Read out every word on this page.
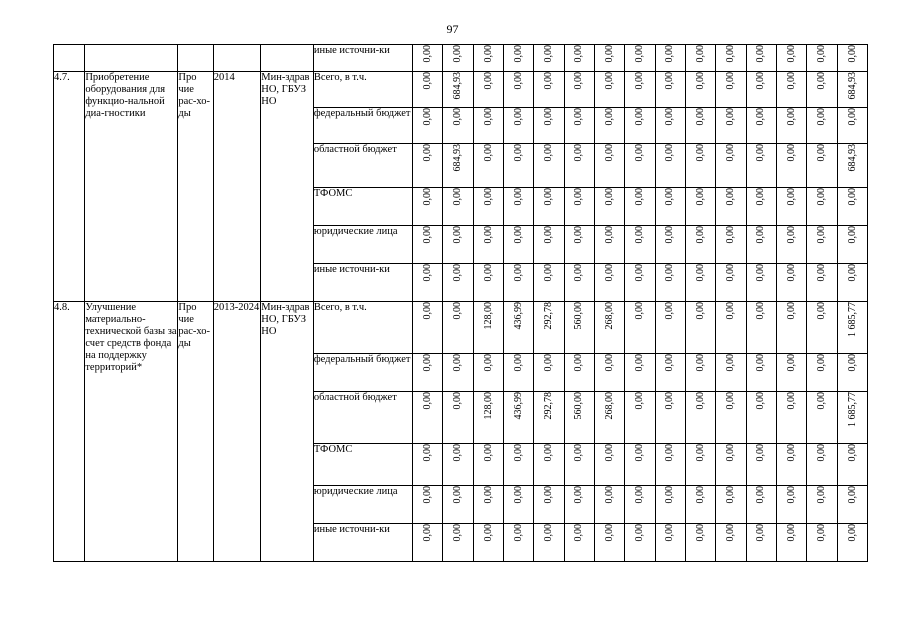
97
					иные источни-ки	0,00	0,00	0,00	0,00	0,00	0,00	0,00	0,00	0,00	0,00	0,00	0,00	0,00	0,00	0,00
4.7.	Приобретение оборудования для функцио-нальной диа-гностики	Про чие рас-хо-ды	2014	Мин-здрав НО, ГБУЗ НО	Всего, в т.ч.	0,00	684,93	0,00	0,00	0,00	0,00	0,00	0,00	0,00	0,00	0,00	0,00	0,00	0,00	684,93
					федеральный бюджет	0,00	0,00	0,00	0,00	0,00	0,00	0,00	0,00	0,00	0,00	0,00	0,00	0,00	0,00	0,00
					областной бюджет	0,00	684,93	0,00	0,00	0,00	0,00	0,00	0,00	0,00	0,00	0,00	0,00	0,00	0,00	684,93
					ТФОМС	0,00	0,00	0,00	0,00	0,00	0,00	0,00	0,00	0,00	0,00	0,00	0,00	0,00	0,00	0,00
					юридические лица	0,00	0,00	0,00	0,00	0,00	0,00	0,00	0,00	0,00	0,00	0,00	0,00	0,00	0,00	0,00
					иные источни-ки	0,00	0,00	0,00	0,00	0,00	0,00	0,00	0,00	0,00	0,00	0,00	0,00	0,00	0,00	0,00
4.8.	Улучшение материально-технической базы за счет средств фонда на поддержку территорий*	Про чие рас-хо-ды	2013-2024	Мин-здрав НО, ГБУЗ НО	Всего, в т.ч.	0,00	0,00	128,00	436,99	292,78	560,00	268,00	0,00	0,00	0,00	0,00	0,00	0,00	0,00	1 685,77
					федеральный бюджет	0,00	0,00	0,00	0,00	0,00	0,00	0,00	0,00	0,00	0,00	0,00	0,00	0,00	0,00	0,00
					областной бюджет	0,00	0,00	128,00	436,99	292,78	560,00	268,00	0,00	0,00	0,00	0,00	0,00	0,00	0,00	1 685,77
					ТФОМС	0,00	0,00	0,00	0,00	0,00	0,00	0,00	0,00	0,00	0,00	0,00	0,00	0,00	0,00	0,00
					юридические лица	0,00	0,00	0,00	0,00	0,00	0,00	0,00	0,00	0,00	0,00	0,00	0,00	0,00	0,00	0,00
					иные источни-ки	0,00	0,00	0,00	0,00	0,00	0,00	0,00	0,00	0,00	0,00	0,00	0,00	0,00	0,00	0,00
